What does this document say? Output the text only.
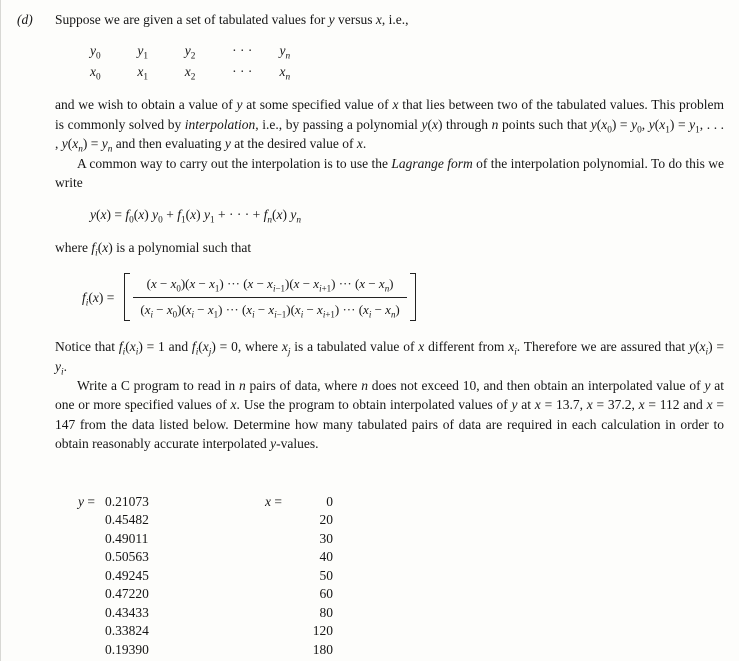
(d)	Suppose we are given a set of tabulated values for y versus x, i.e.,

$y_0$	$y_1$	$y_2$	· · · $y_n$
$x_0$	$x_1$	$x_2$	· · · $x_n$

and we wish to obtain a value of y at some specified value of x that lies between two of the tabulated values. This problem is commonly solved by interpolation, i.e., by passing a polynomial y(x) through n points such that $y(x_0) = y_0$, $y(x_1) = y_1$, . . . , $y(x_n) = y_n$ and then evaluating y at the desired value of x.

A common way to carry out the interpolation is to use the Lagrange form of the interpolation polynomial. To do this we write

$y(x) = f_0(x) y_0 + f_1(x) y_1$ + · · · + $f_n(x)$ $y_n$

where $f_i(x)$ is a polynomial such that

$f_i(x) = \frac{(x - x_0)(x - x_1) \cdot\cdot\cdot (x - x_{i-1})(x - x_{i+1}) \cdot\cdot\cdot (x - x_n)}{(x_i - x_0)(x_i - x_1) \cdot\cdot\cdot (x_i - x_{i-1})(x_i - x_{i+1}) \cdot\cdot\cdot (x_i - x_n)}$

Notice that $f_i(x_i) = 1$ and $f_i(x_j) = 0$, where $x_j$ is a tabulated value of x different from $x_i$. Therefore we are assured that $y(x_i) = y_i$.

Write a C program to read in n pairs of data, where n does not exceed 10, and then obtain an interpolated value of y at one or more specified values of x. Use the program to obtain interpolated values of y at x = 13.7, x = 37.2, x = 112 and x = 147 from the data listed below. Determine how many tabulated pairs of data are required in each calculation in order to obtain reasonably accurate interpolated y-values.

y =	0.21073	x =	0
	0.45482		20
	0.49011		30
	0.50563		40
	0.49245		50
	0.47220		60
	0.43433		80
	0.33824		120
	0.19390		180
